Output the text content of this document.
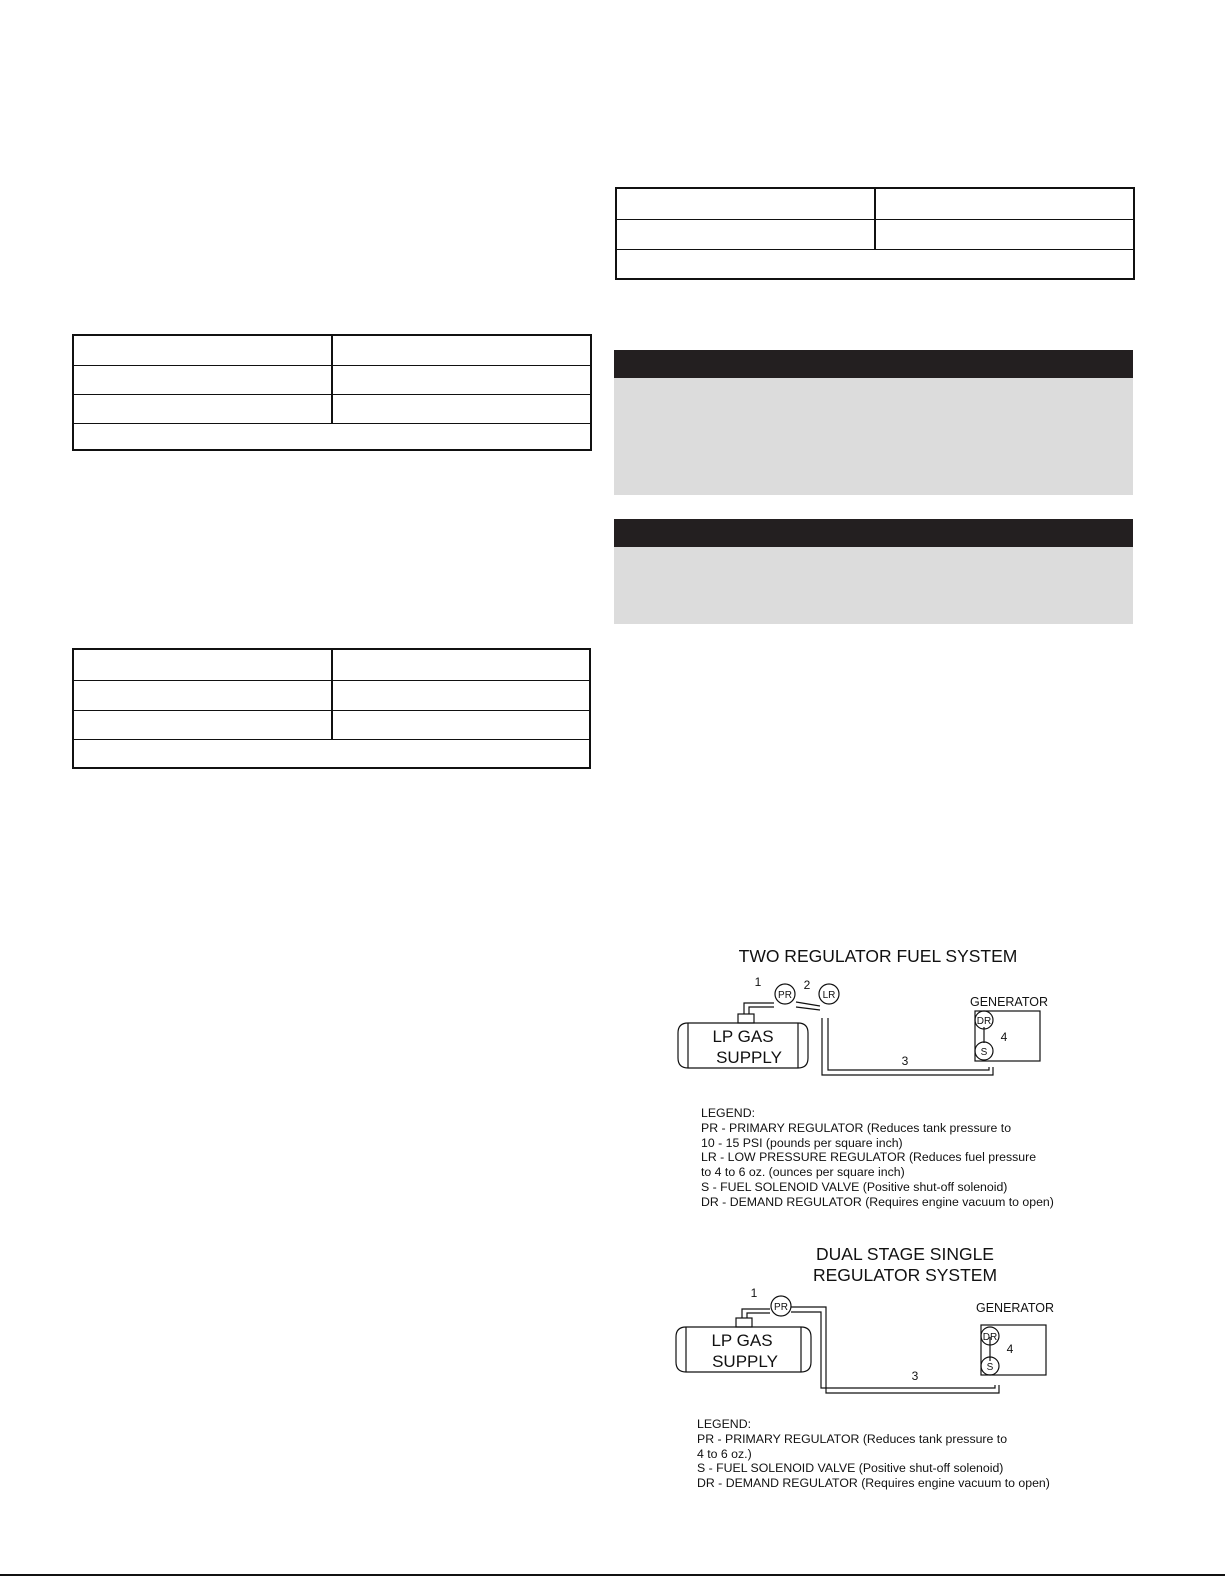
TWO REGULATOR FUEL SYSTEM
PR	LR
DR
S
LP GAS
SUPPLY
1	2
3
4
GENERATOR
LEGEND:
PR - PRIMARY REGULATOR (Reduces tank pressure to
10 - 15 PSI (pounds per square inch)
LR - LOW PRESSURE REGULATOR (Reduces fuel pressure
to 4 to 6 oz. (ounces per square inch)
S - FUEL SOLENOID VALVE (Positive shut-off solenoid)
DR - DEMAND REGULATOR (Requires engine vacuum to open)
DUAL STAGE SINGLE
REGULATOR SYSTEM
PR
DR
S
LP GAS
SUPPLY
1
3
4
GENERATOR
LEGEND:
PR - PRIMARY REGULATOR (Reduces tank pressure to
4 to 6 oz.)
S - FUEL SOLENOID VALVE (Positive shut-off solenoid)
DR - DEMAND REGULATOR (Requires engine vacuum to open)
